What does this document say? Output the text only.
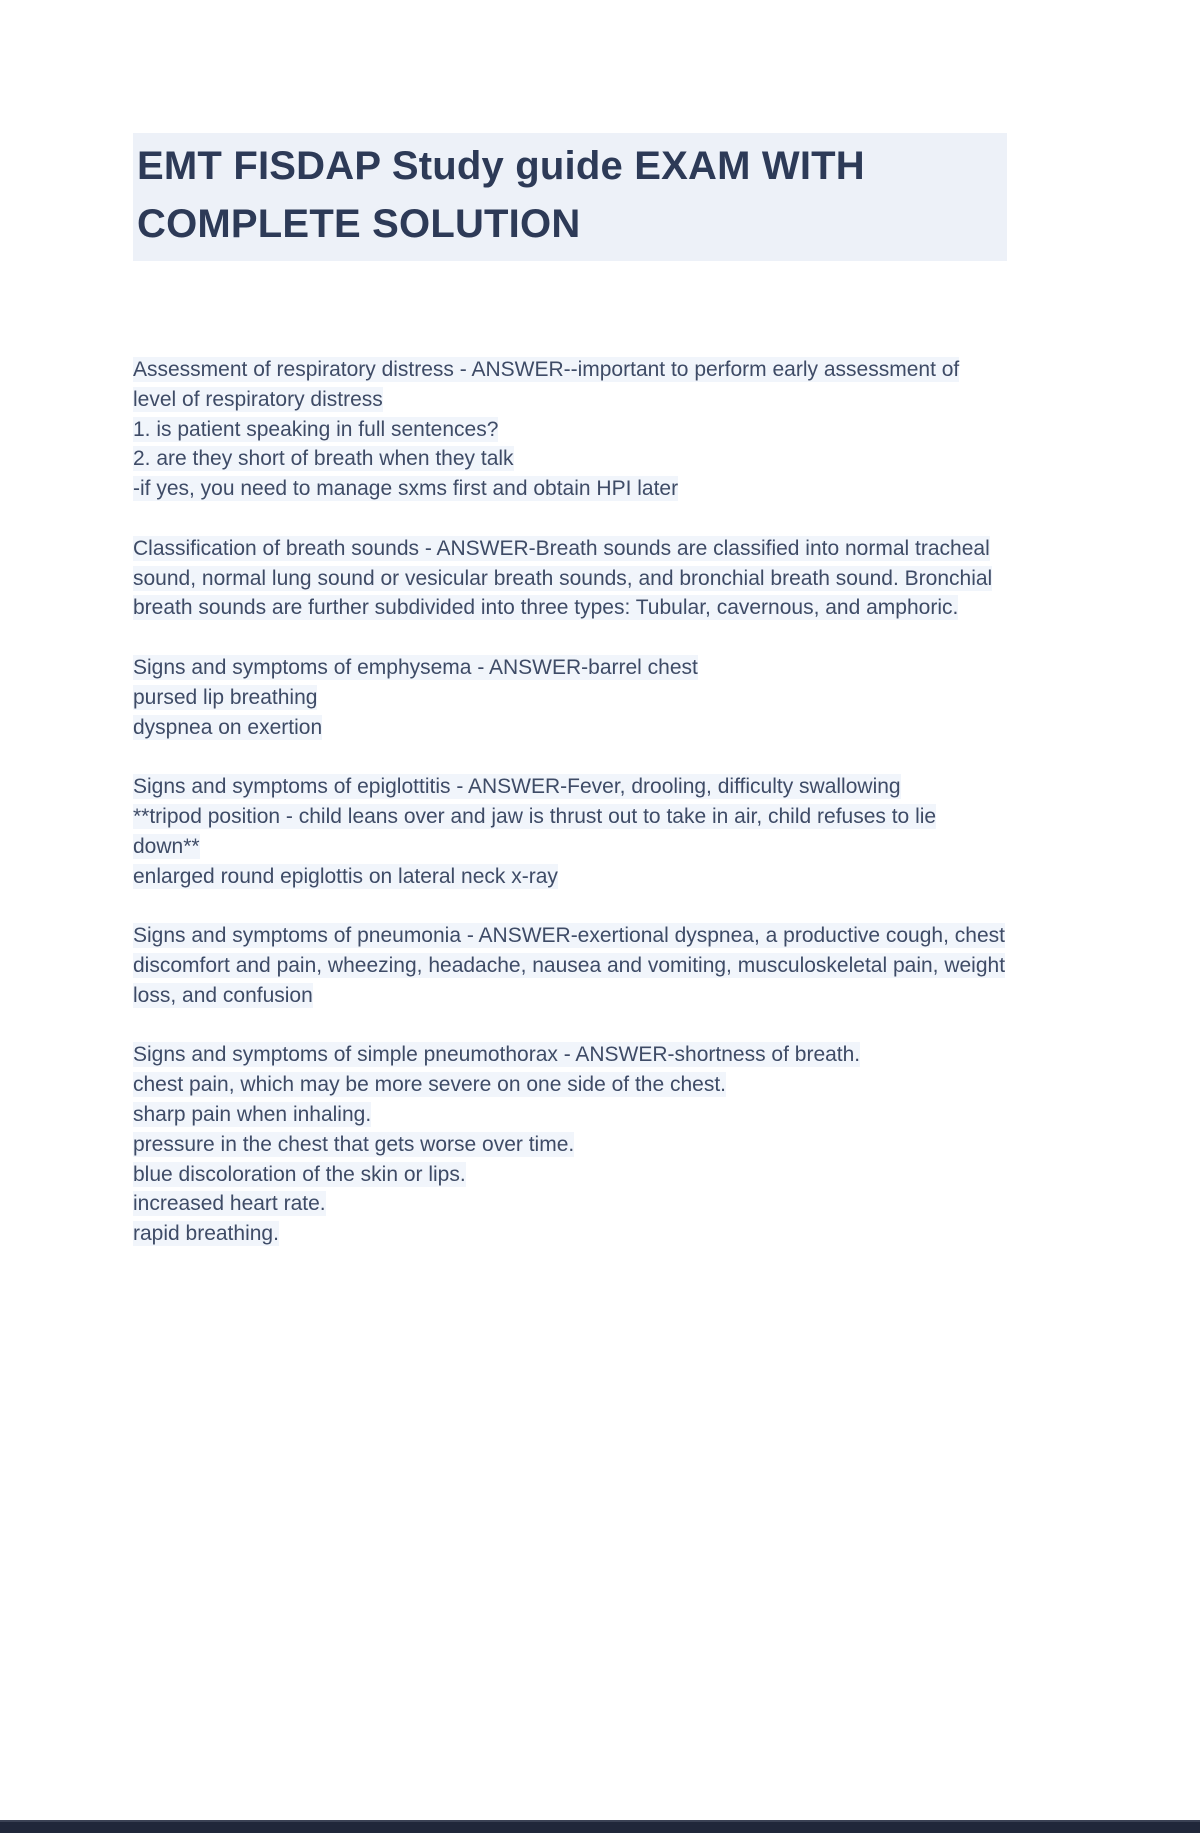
EMT FISDAP Study guide EXAM WITH COMPLETE SOLUTION
Assessment of respiratory distress - ANSWER--important to perform early assessment of level of respiratory distress
1. is patient speaking in full sentences?
2. are they short of breath when they talk
-if yes, you need to manage sxms first and obtain HPI later
Classification of breath sounds - ANSWER-Breath sounds are classified into normal tracheal sound, normal lung sound or vesicular breath sounds, and bronchial breath sound. Bronchial breath sounds are further subdivided into three types: Tubular, cavernous, and amphoric.
Signs and symptoms of emphysema - ANSWER-barrel chest
pursed lip breathing
dyspnea on exertion
Signs and symptoms of epiglottitis - ANSWER-Fever, drooling, difficulty swallowing
**tripod position - child leans over and jaw is thrust out to take in air, child refuses to lie down**
enlarged round epiglottis on lateral neck x-ray
Signs and symptoms of pneumonia - ANSWER-exertional dyspnea, a productive cough, chest discomfort and pain, wheezing, headache, nausea and vomiting, musculoskeletal pain, weight loss, and confusion
Signs and symptoms of simple pneumothorax - ANSWER-shortness of breath.
chest pain, which may be more severe on one side of the chest.
sharp pain when inhaling.
pressure in the chest that gets worse over time.
blue discoloration of the skin or lips.
increased heart rate.
rapid breathing.
